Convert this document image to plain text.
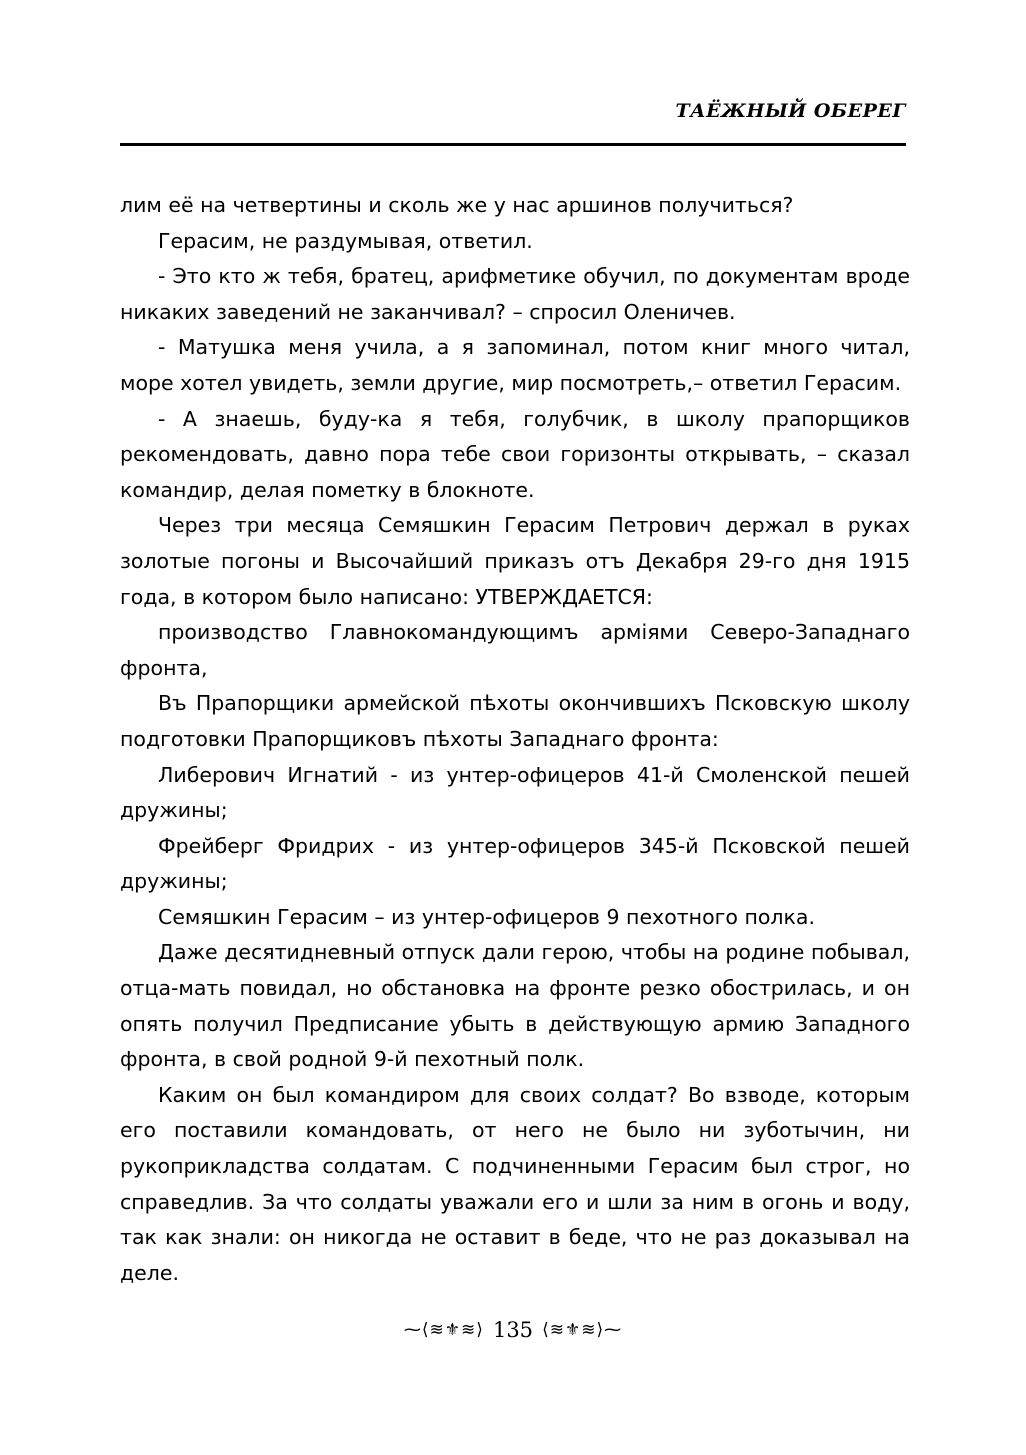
ТАЁЖНЫЙ ОБЕРЕГ

лим её на четвертины и сколь же у нас аршинов получиться?

Герасим, не раздумывая, ответил.

- Это кто ж тебя, братец, арифметике обучил, по документам вроде никаких заведений не заканчивал? – спросил Оленичев.

- Матушка меня учила, а я запоминал, потом книг много читал, море хотел увидеть, земли другие, мир посмотреть,– ответил Герасим.

- А знаешь, буду-ка я тебя, голубчик, в школу прапорщиков рекомендовать, давно пора тебе свои горизонты открывать, – сказал командир, делая пометку в блокноте.

Через три месяца Семяшкин Герасим Петрович держал в руках золотые погоны и Высочайший приказъ отъ Декабря 29-го дня 1915 года, в котором было написано: УТВЕРЖДАЕТСЯ:

производство Главнокомандующимъ армiями Северо-Западнаго фронта,

Въ Прапорщики армейской пѣхоты окончившихъ Псковскую школу подготовки Прапорщиковъ пѣхоты Западнаго фронта:

Либерович Игнатий - из унтер-офицеров 41-й Смоленской пешей дружины;

Фрейберг Фридрих - из унтер-офицеров 345-й Псковской пешей дружины;

Семяшкин Герасим – из унтер-офицеров 9 пехотного полка.

Даже десятидневный отпуск дали герою, чтобы на родине побывал, отца-мать повидал, но обстановка на фронте резко обострилась, и он опять получил Предписание убыть в действующую армию Западного фронта, в свой родной 9-й пехотный полк.

Каким он был командиром для своих солдат? Во взводе, которым его поставили командовать, от него не было ни зуботычин, ни рукоприкладства солдатам. С подчиненными Герасим был строг, но справедлив. За что солдаты уважали его и шли за ним в огонь и воду, так как знали: он никогда не оставит в беде, что не раз доказывал на деле.

⁓⟨≋⚜≋⟩ 135 ⟨≋⚜≋⟩⁓
